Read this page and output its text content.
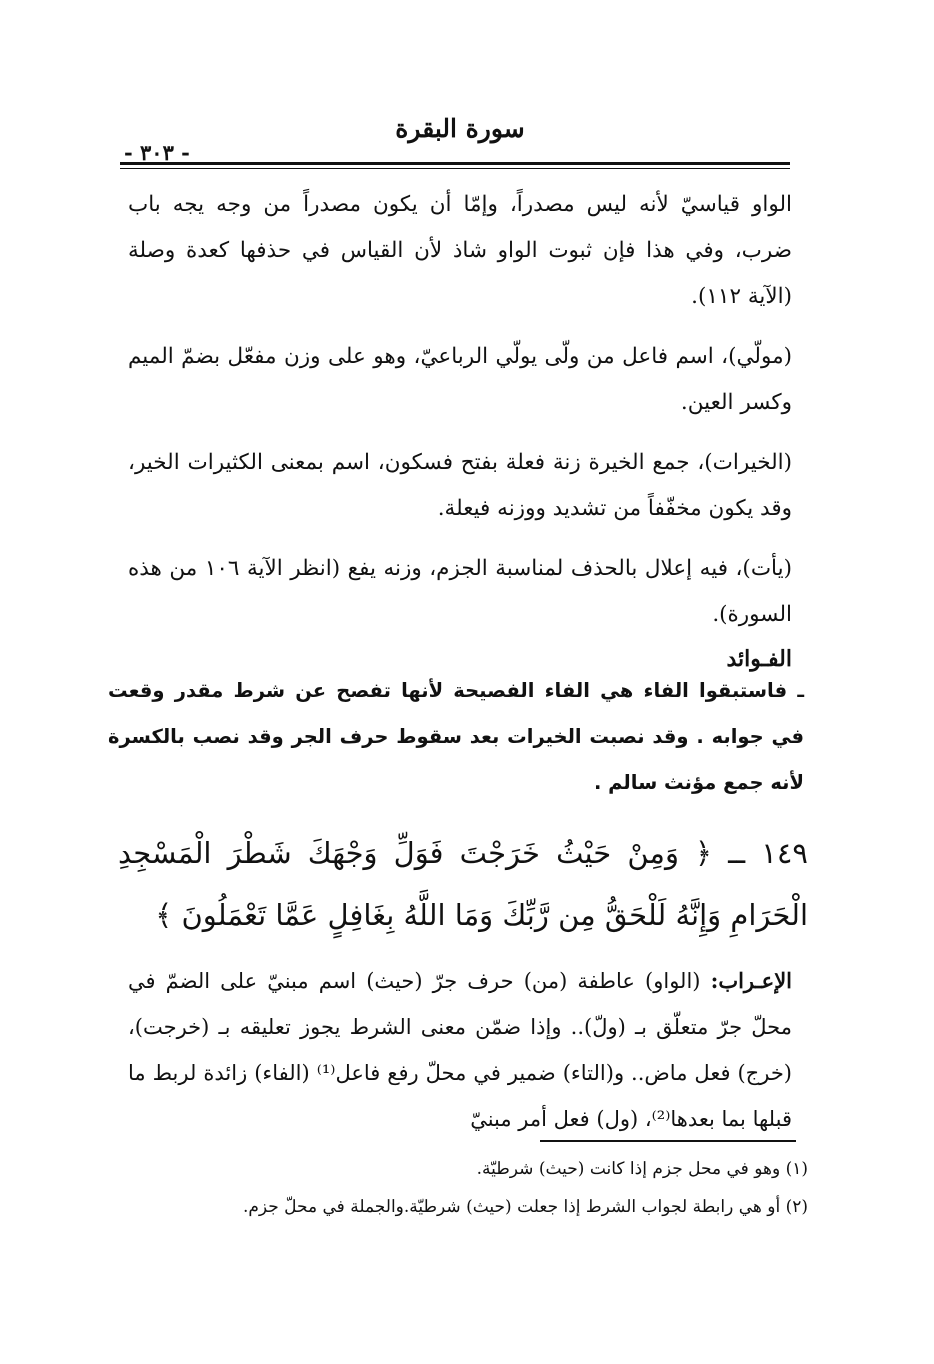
سورة البقرة
- ٣٠٣ -

الواو قياسيّ لأنه ليس مصدراً، وإمّا أن يكون مصدراً من وجه يجه باب ضرب، وفي هذا فإن ثبوت الواو شاذ لأن القياس في حذفها كعدة وصلة (الآية ١١٢).

(مولّي)، اسم فاعل من ولّى يولّي الرباعيّ، وهو على وزن مفعّل بضمّ الميم وكسر العين.

(الخيرات)، جمع الخيرة زنة فعلة بفتح فسكون، اسم بمعنى الكثيرات الخير، وقد يكون مخفّفاً من تشديد ووزنه فيعلة.

(يأت)، فيه إعلال بالحذف لمناسبة الجزم، وزنه يفع (انظر الآية ١٠٦ من هذه السورة).

الفـوائد

ـ فاستبقوا الفاء هي الفاء الفصيحة لأنها تفصح عن شرط مقدر وقعت في جوابه . وقد نصبت الخيرات بعد سقوط حرف الجر وقد نصب بالكسرة لأنه جمع مؤنث سالم .

١٤٩ ــ ﴿ وَمِنْ حَيْثُ خَرَجْتَ فَوَلِّ وَجْهَكَ شَطْرَ الْمَسْجِدِ الْحَرَامِ وَإِنَّهُ لَلْحَقُّ مِن رَّبِّكَ وَمَا اللَّهُ بِغَافِلٍ عَمَّا تَعْمَلُونَ ﴾

الإعـراب: (الواو) عاطفة (من) حرف جرّ (حيث) اسم مبنيّ على الضمّ في محلّ جرّ متعلّق بـ (ولّ).. وإذا ضمّن معنى الشرط يجوز تعليقه بـ (خرجت)، (خرج) فعل ماض.. و(التاء) ضمير في محلّ رفع فاعل⁽¹⁾ (الفاء) زائدة لربط ما قبلها بما بعدها⁽²⁾، (ول) فعل أمر مبنيّ

(١) وهو في محل جزم إذا كانت (حيث) شرطيّة.

(٢) أو هي رابطة لجواب الشرط إذا جعلت (حيث) شرطيّة.والجملة في محلّ جزم.
